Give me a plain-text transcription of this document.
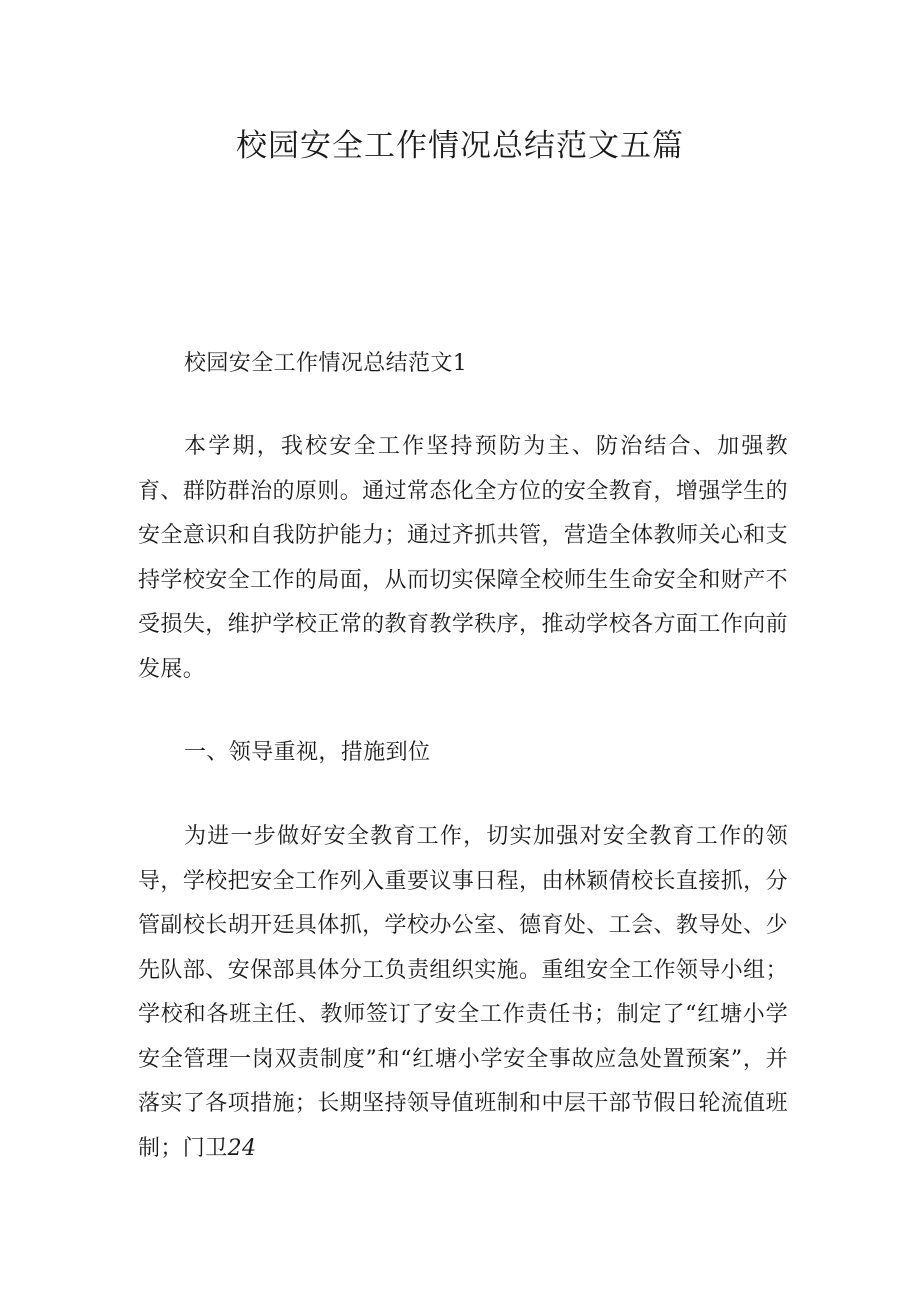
校园安全工作情况总结范文五篇

校园安全工作情况总结范文1

本学期，我校安全工作坚持预防为主、防治结合、加强教育、群防群治的原则。通过常态化全方位的安全教育，增强学生的安全意识和自我防护能力；通过齐抓共管，营造全体教师关心和支持学校安全工作的局面，从而切实保障全校师生生命安全和财产不受损失，维护学校正常的教育教学秩序，推动学校各方面工作向前发展。

一、领导重视，措施到位

为进一步做好安全教育工作，切实加强对安全教育工作的领导，学校把安全工作列入重要议事日程，由林颖倩校长直接抓，分管副校长胡开廷具体抓，学校办公室、德育处、工会、教导处、少先队部、安保部具体分工负责组织实施。重组安全工作领导小组；学校和各班主任、教师签订了安全工作责任书；制定了“红塘小学安全管理一岗双责制度”和“红塘小学安全事故应急处置预案”，并落实了各项措施；长期坚持领导值班制和中层干部节假日轮流值班制；门卫24
